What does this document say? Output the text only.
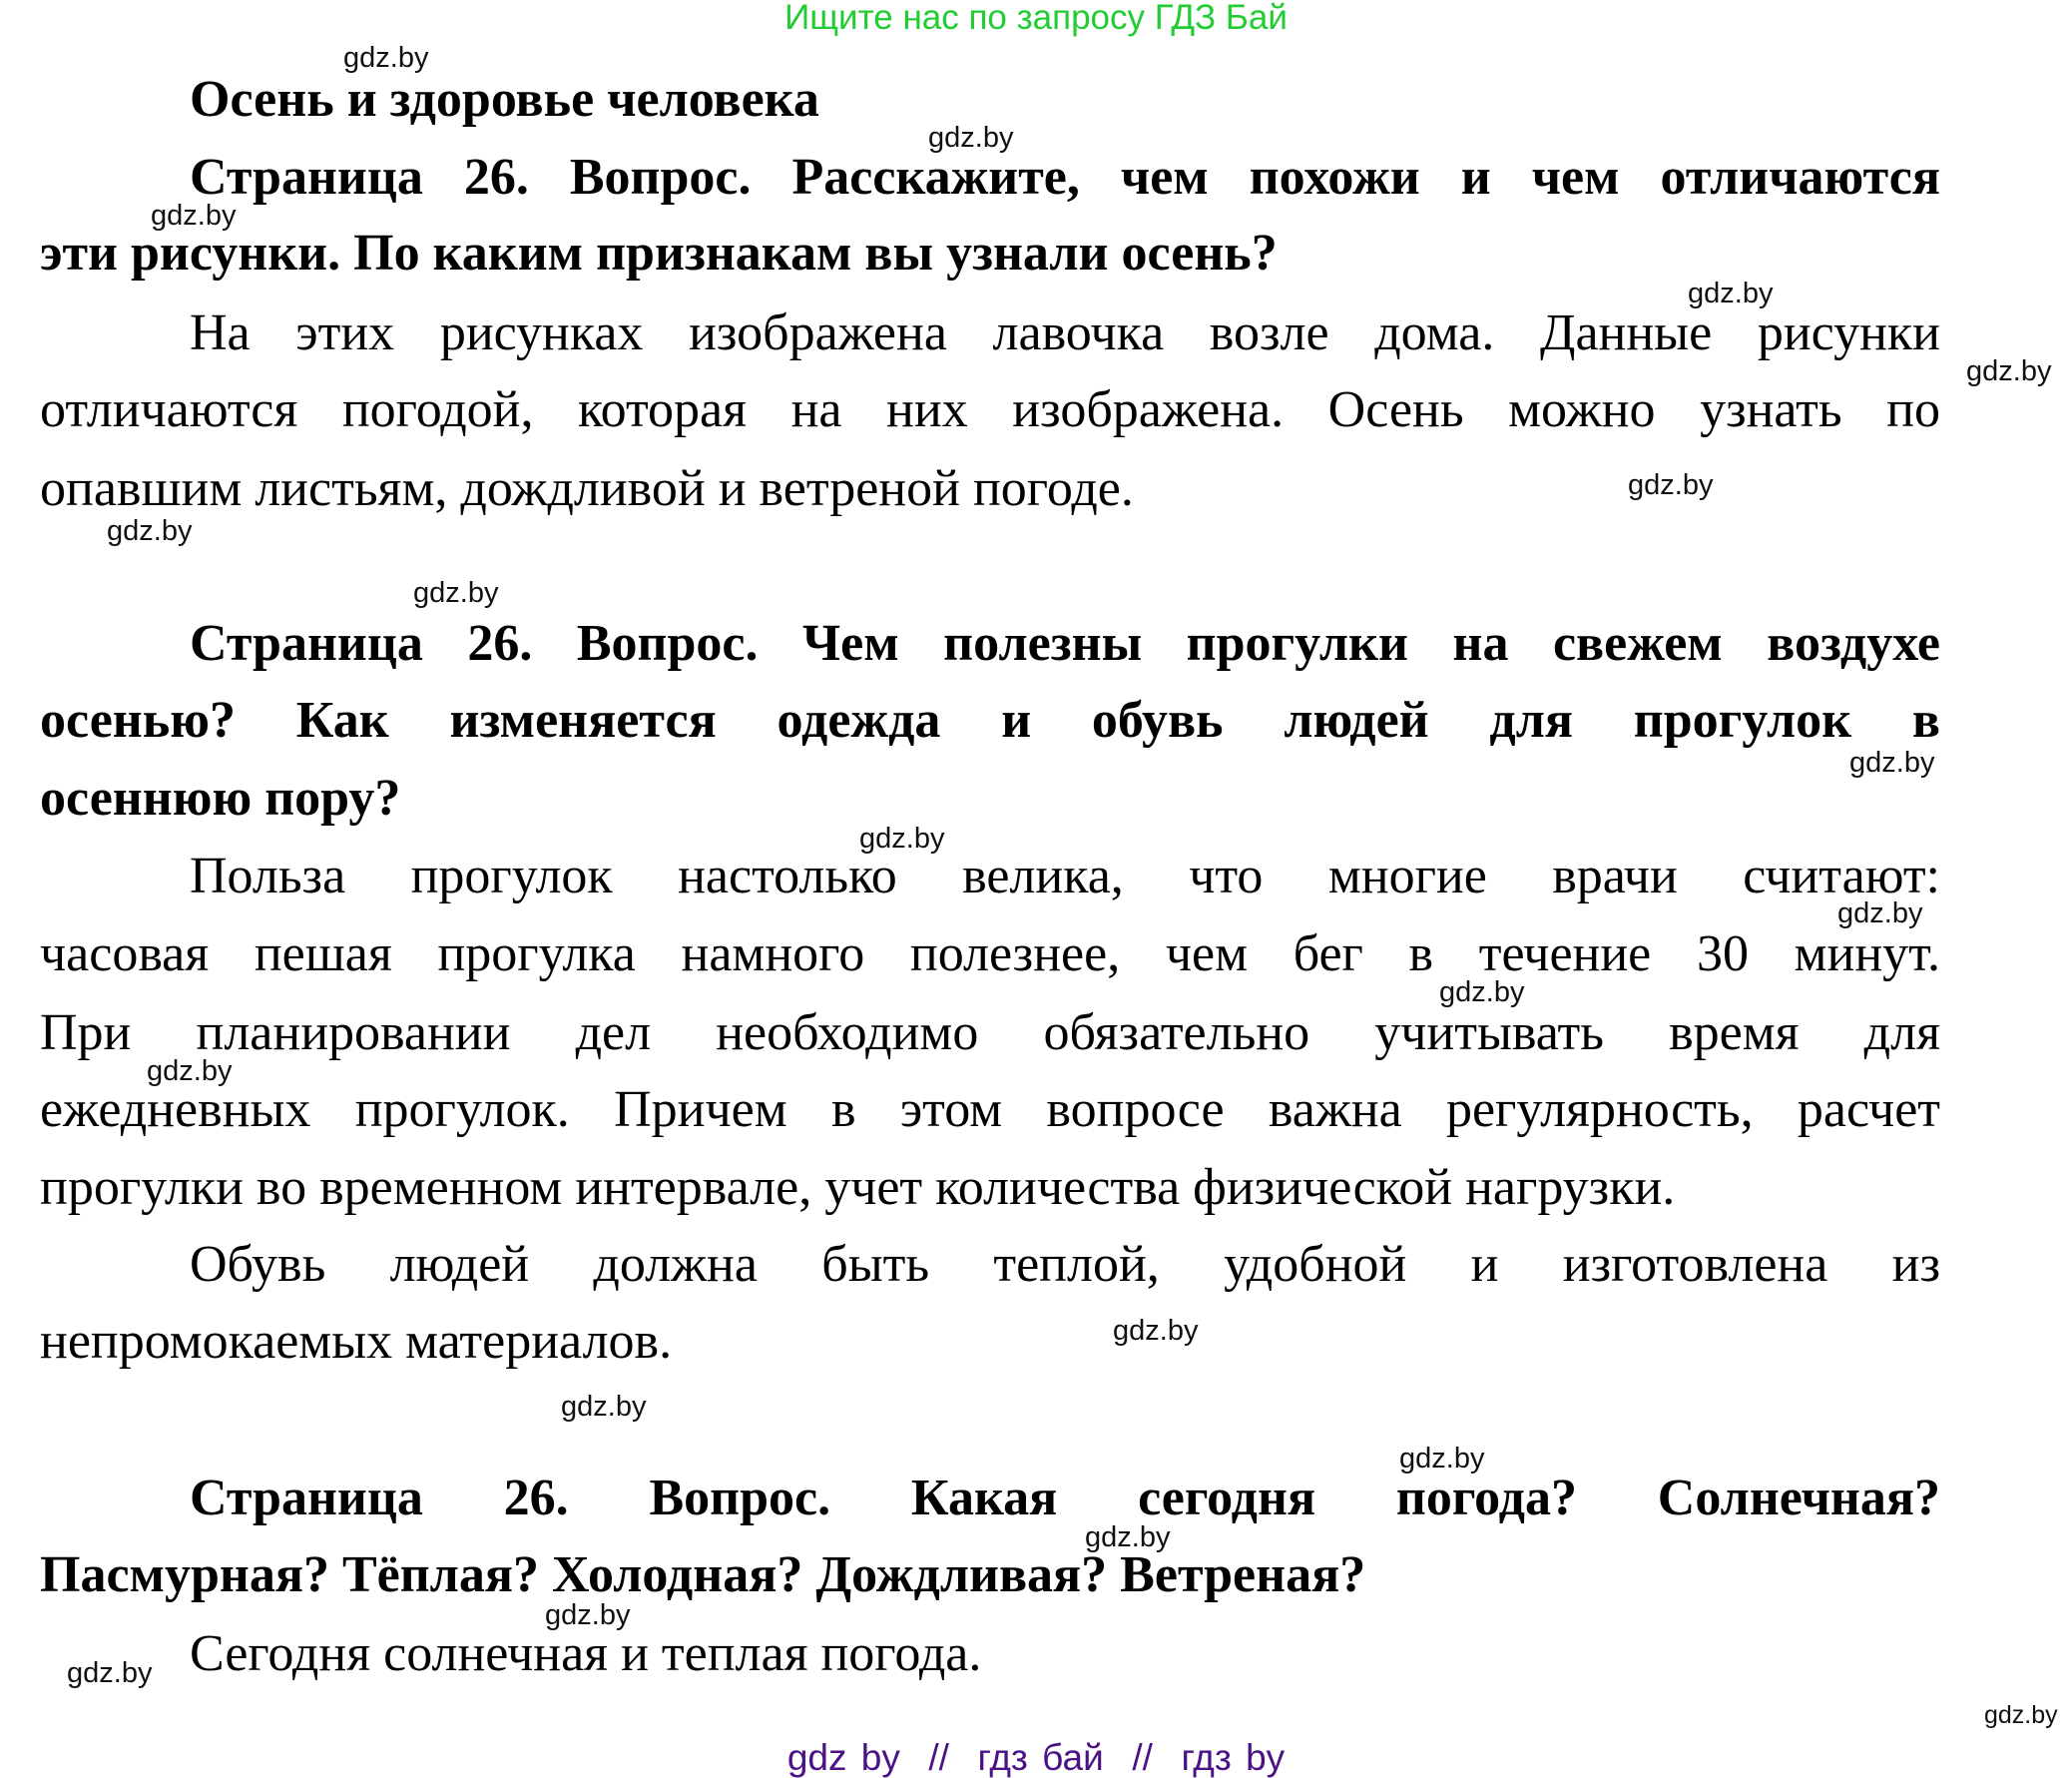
Ищите нас по запросу ГДЗ Бай
Осень и здоровье человека
Страница 26. Вопрос. Расскажите, чем похожи и чем отличаются
эти рисунки. По каким признакам вы узнали осень?
На этих рисунках изображена лавочка возле дома. Данные рисунки
отличаются погодой, которая на них изображена. Осень можно узнать по
опавшим листьям, дождливой и ветреной погоде.
Страница 26. Вопрос. Чем полезны прогулки на свежем воздухе
осенью? Как изменяется одежда и обувь людей для прогулок в
осеннюю пору?
Польза прогулок настолько велика, что многие врачи считают:
часовая пешая прогулка намного полезнее, чем бег в течение 30 минут.
При планировании дел необходимо обязательно учитывать время для
ежедневных прогулок. Причем в этом вопросе важна регулярность, расчет
прогулки во временном интервале, учет количества физической нагрузки.
Обувь людей должна быть теплой, удобной и изготовлена из
непромокаемых материалов.
Страница 26. Вопрос. Какая сегодня погода? Солнечная?
Пасмурная? Тёплая? Холодная? Дождливая? Ветреная?
Сегодня солнечная и теплая погода.
gdz.by
gdz.by
gdz.by
gdz.by
gdz.by
gdz.by
gdz.by
gdz.by
gdz.by
gdz.by
gdz.by
gdz.by
gdz.by
gdz.by
gdz.by
gdz.by
gdz.by
gdz.by
gdz.by
gdz.by
gdz by  //  гдз бай  //  гдз by
